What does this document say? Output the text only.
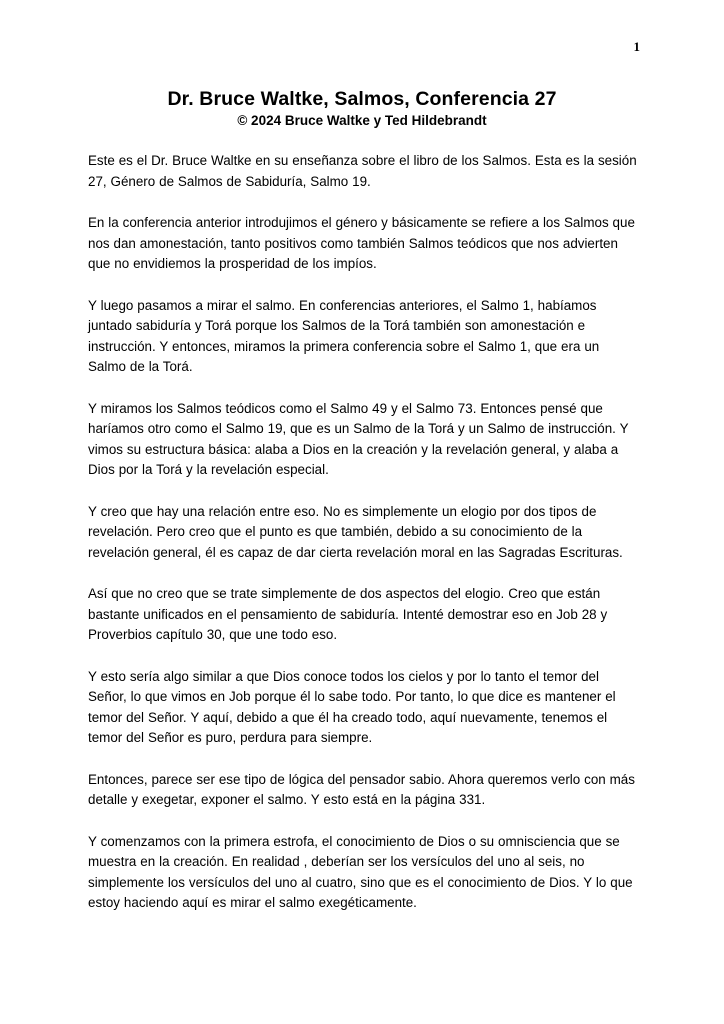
1
Dr. Bruce Waltke, Salmos, Conferencia 27
© 2024 Bruce Waltke y Ted Hildebrandt

Este es el Dr. Bruce Waltke en su enseñanza sobre el libro de los Salmos. Esta es la sesión 27, Género de Salmos de Sabiduría, Salmo 19.

En la conferencia anterior introdujimos el género y básicamente se refiere a los Salmos que nos dan amonestación, tanto positivos como también Salmos teódicos que nos advierten que no envidiemos la prosperidad de los impíos.

Y luego pasamos a mirar el salmo. En conferencias anteriores, el Salmo 1, habíamos juntado sabiduría y Torá porque los Salmos de la Torá también son amonestación e instrucción. Y entonces, miramos la primera conferencia sobre el Salmo 1, que era un Salmo de la Torá.

Y miramos los Salmos teódicos como el Salmo 49 y el Salmo 73. Entonces pensé que haríamos otro como el Salmo 19, que es un Salmo de la Torá y un Salmo de instrucción. Y vimos su estructura básica: alaba a Dios en la creación y la revelación general, y alaba a Dios por la Torá y la revelación especial.

Y creo que hay una relación entre eso. No es simplemente un elogio por dos tipos de revelación. Pero creo que el punto es que también, debido a su conocimiento de la revelación general, él es capaz de dar cierta revelación moral en las Sagradas Escrituras.

Así que no creo que se trate simplemente de dos aspectos del elogio. Creo que están bastante unificados en el pensamiento de sabiduría. Intenté demostrar eso en Job 28 y Proverbios capítulo 30, que une todo eso.

Y esto sería algo similar a que Dios conoce todos los cielos y por lo tanto el temor del Señor, lo que vimos en Job porque él lo sabe todo. Por tanto, lo que dice es mantener el temor del Señor. Y aquí, debido a que él ha creado todo, aquí nuevamente, tenemos el temor del Señor es puro, perdura para siempre.

Entonces, parece ser ese tipo de lógica del pensador sabio. Ahora queremos verlo con más detalle y exegetar, exponer el salmo. Y esto está en la página 331.

Y comenzamos con la primera estrofa, el conocimiento de Dios o su omnisciencia que se muestra en la creación. En realidad , deberían ser los versículos del uno al seis, no simplemente los versículos del uno al cuatro, sino que es el conocimiento de Dios. Y lo que estoy haciendo aquí es mirar el salmo exegéticamente.
